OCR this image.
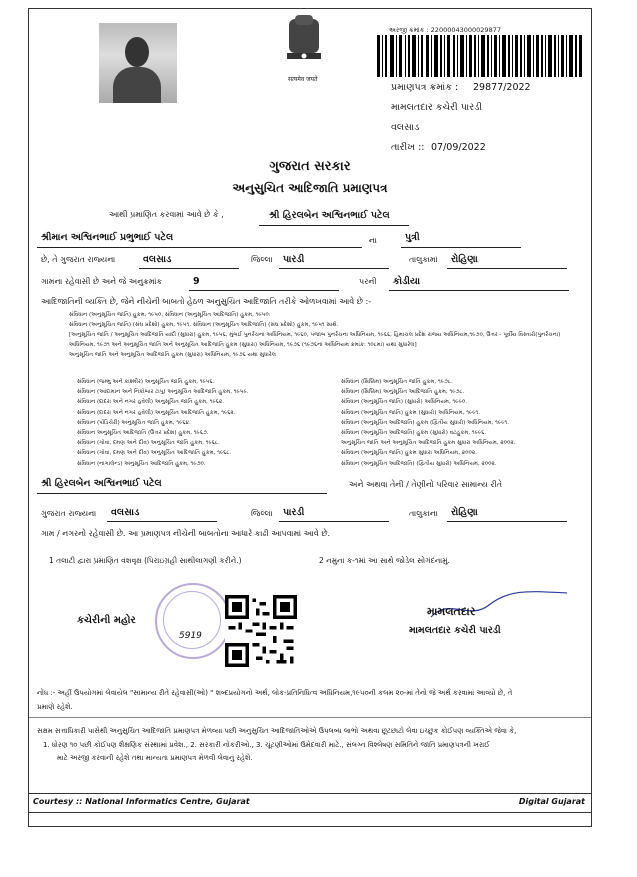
सत्यमेव जयते
અરજી ક્રમાંક : 22000043000029877
પ્રમાણપત્ર ક્રમાંક : 29877/2022
મામલતદાર કચેરી પારડી
વલસાડ
તારીખ :: 07/09/2022
ગુજરાત સરકાર
અનુસુચિત આદિજાતિ પ્રમાણપત્ર
આથી પ્રમાણિત કરવામાં આવે છે કે ,	શ્રી હિરલબેન અશ્વિનભાઈ પટેલ
શ્રીમાન અશ્વિનભાઈ પ્રભુભાઈ પટેલ	ના	પુત્રી
છે, તે ગુજરાત રાજ્યના	વલસાડ	જિલ્લા પારડી	તાલુકામાં રોહિણા
ગામના રહેવાસી છે અને જે અનુક્રમાંક	9	પરની કોડીયા
આદિજાતિની વ્યક્તિ છે, જેને નીચેની બાબતો હેઠળ અનુસુચિત આદિજાતિ તરીકે ઓળખવામાં આવે છે :-
સંવિધાન (અનુસૂચિત જાતિ) હુકમ, ૧૯૫૦, સંવિધાન (અનુસૂચિત આદિજાતિ) હુકમ, ૧૯૫૦:
સંવિધાન (અનુસૂચિત જાતિ) (સંઘ પ્રદેશો) હુકમ, ૧૯૫૧, સંવિધાન (અનુસૂચિત આદિજાતિ) (સંઘ પ્રદેશો) હુકમ, ૧૯૫૧ સાથે.
[અનુસૂચિત જાતિ / અનુસૂચિત આદિજાતિ યાદી (સુધારા) હુકમ, ૧૯૫૬, મુંબઈ પુનર્રચના અધિનિયમ, ૧૯૬૦, પંજાબ પુનર્રચના અધિનિયમ, ૧૯૬૬, હિમાચલ પ્રદેશ રાજ્ય અધિનિયમ,૧૯૭૦, ઉત્તર - પૂર્વીય વિસ્તારો(પુનર્રચના)
અધિનિયમ, ૧૯૭૧ અને અનુસૂચિત જાતિ અને અનુસૂચિત આદિજાતિ હુકમ (સુધારા) અધિનિયમ, ૧૯૭૬ (૧૯૭૬ના અધિનિયમ ક્રમાંક: ૧૦૮માં) યથા સુધારેલ]
અનુસૂચિત જાતિ અને અનુસૂચિત આદિજાતિ હુકમ (સુધારા) અધિનિયમ, ૧૯૭૬ યથા સુધારેલ
સંવિધાન (જમ્મુ અને કાશ્મીર) અનુસૂચિત જાતિ હુકમ, ૧૯૫૬.
સંવિધાન (આંદામાન અને નિકોબાર ટાપુ) અનુસૂચિત આદિજાતિ હુકમ, ૧૯૫૯.
સંવિધાન (દાદરા અને નગર હવેલી) અનુસૂચિત જાતિ હુકમ, ૧૯૬૨.
સંવિધાન (દાદરા અને નગર હવેલી) અનુસૂચિત આદિજાતિ હુકમ, ૧૯૬૨.
સંવિધાન (પોંડિચેરી) અનુસૂચિત જાતિ હુકમ, ૧૯૬૪.
સંવિધાન અનુસૂચિત આદિજાતિ (ઉત્તર પ્રદેશ) હુકમ, ૧૯૬૭.
સંવિધાન (ગોવા, દમણ અને દીવ) અનુસૂચિત જાતિ હુકમ, ૧૯૬૮.
સંવિધાન (ગોવા, દમણ અને દીવ) અનુસૂચિત આદિજાતિ હુકમ, ૧૯૬૮.
સંવિધાન (નાગાલેન્ડ) અનુસૂચિત આદિજાતિ હુકમ, ૧૯૭૦.
સંવિધાન (સિક્કિમ) અનુસૂચિત જાતિ હુકમ, ૧૯૭૮.
સંવિધાન (સિક્કિમ) અનુસૂચિત આદિજાતિ હુકમ, ૧૯૭૮.
સંવિધાન (અનુસૂચિત જાતિ) (સુધારો) અધિનિયમ, ૧૯૯૦.
સંવિધાન (અનુસૂચિત જાતિ) હુકમ (સુધારો) અધિનિયમ, ૧૯૯૧.
સંવિધાન (અનુસૂચિત આદિજાતિ) હુકમ (દ્વિતીય સુધારો) અધિનિયમ, ૧૯૯૧.
સંવિધાન (અનુસૂચિત આદિજાતિ) હુકમ (સુધારો) વટહુકમ, ૧૯૯૬.
અનુસૂચિત જાતિ અને અનુસૂચિત આદિજાતિ હુકમ સુધારા અધિનિયમ, ૨૦૦૨.
સંવિધાન (અનુસૂચિત જાતિ) હુકમ સુધારા અધિનિયમ, ૨૦૦૨.
સંવિધાન (અનુસૂચિત આદિજાતિ) (દ્વિતીય સુધારો) અધિનિયમ, ૨૦૦૨.
શ્રી હિરલબેન અશ્વિનભાઈ પટેલ	અને અથવા તેની / તેણીનો પરિવાર સામાન્ય રીતે
ગુજરાત રાજ્યના વલસાડ	જિલ્લા પારડી	તાલુકાના રોહિણા
ગામ / નગરનો રહેવાસી છે. આ પ્રમાણપત્ર નીચેની બાબતોના આધારે કાઢી આપવામાં આવે છે.
1 તલાટી દ્વારા પ્રમાણિત વંશવૃક્ષ (પિરાઇગ્રહી સાથીલાગણી કરીને.)	2 નમુના ક-૧માં આ સાથે જોડેલ સોગંદનામું.
કચેરીની મહોર
5919
મામલતદાર
મામલતદાર કચેરી પારડી
નોંધ :- અહીં ઉપયોગમાં લેવાયેલ "સામાન્ય રીતે રહેવાસી(ઓ) " શબ્દપ્રયોગનો અર્થ, લોક-પ્રતિનિધિત્વ અધિનિયમ,૧૯૫૦ની કલમ ૨૦-માં તેનો જે અર્થ કરવામાં આવ્યો છે, તે
પ્રમાણે રહેશે.
સક્ષમ સત્તાધિકારી પાસેથી અનુસુચિત આદિજાતિ પ્રમાણપત્ર મેળવ્યા પછી અનુસુચિત આદિજાતિઓએ ઉપલબ્ધ લાભો અથવા છૂટછાટો લેવા ઇચ્છુક કોઈપણ વ્યક્તિએ જેવા કે,
1. ધોરણ ૧૦ પછી કોઈપણ શૈક્ષણિક સંસ્થામાં પ્રવેશ., 2. સરકારી નોકરીઓ., 3. ચૂંટણીઓમાં ઉમેદવારી માટે., સંલગ્ન વિશ્લેષણ સમિતિને જાતિ પ્રમાણપત્રની ખરાઈ
માટે અરજી કરવાની રહેશે તથા માન્યતા પ્રમાણપત્ર મેળવી લેવાનું રહેશે.
Courtesy :: National Informatics Centre, Gujarat	Digital Gujarat
